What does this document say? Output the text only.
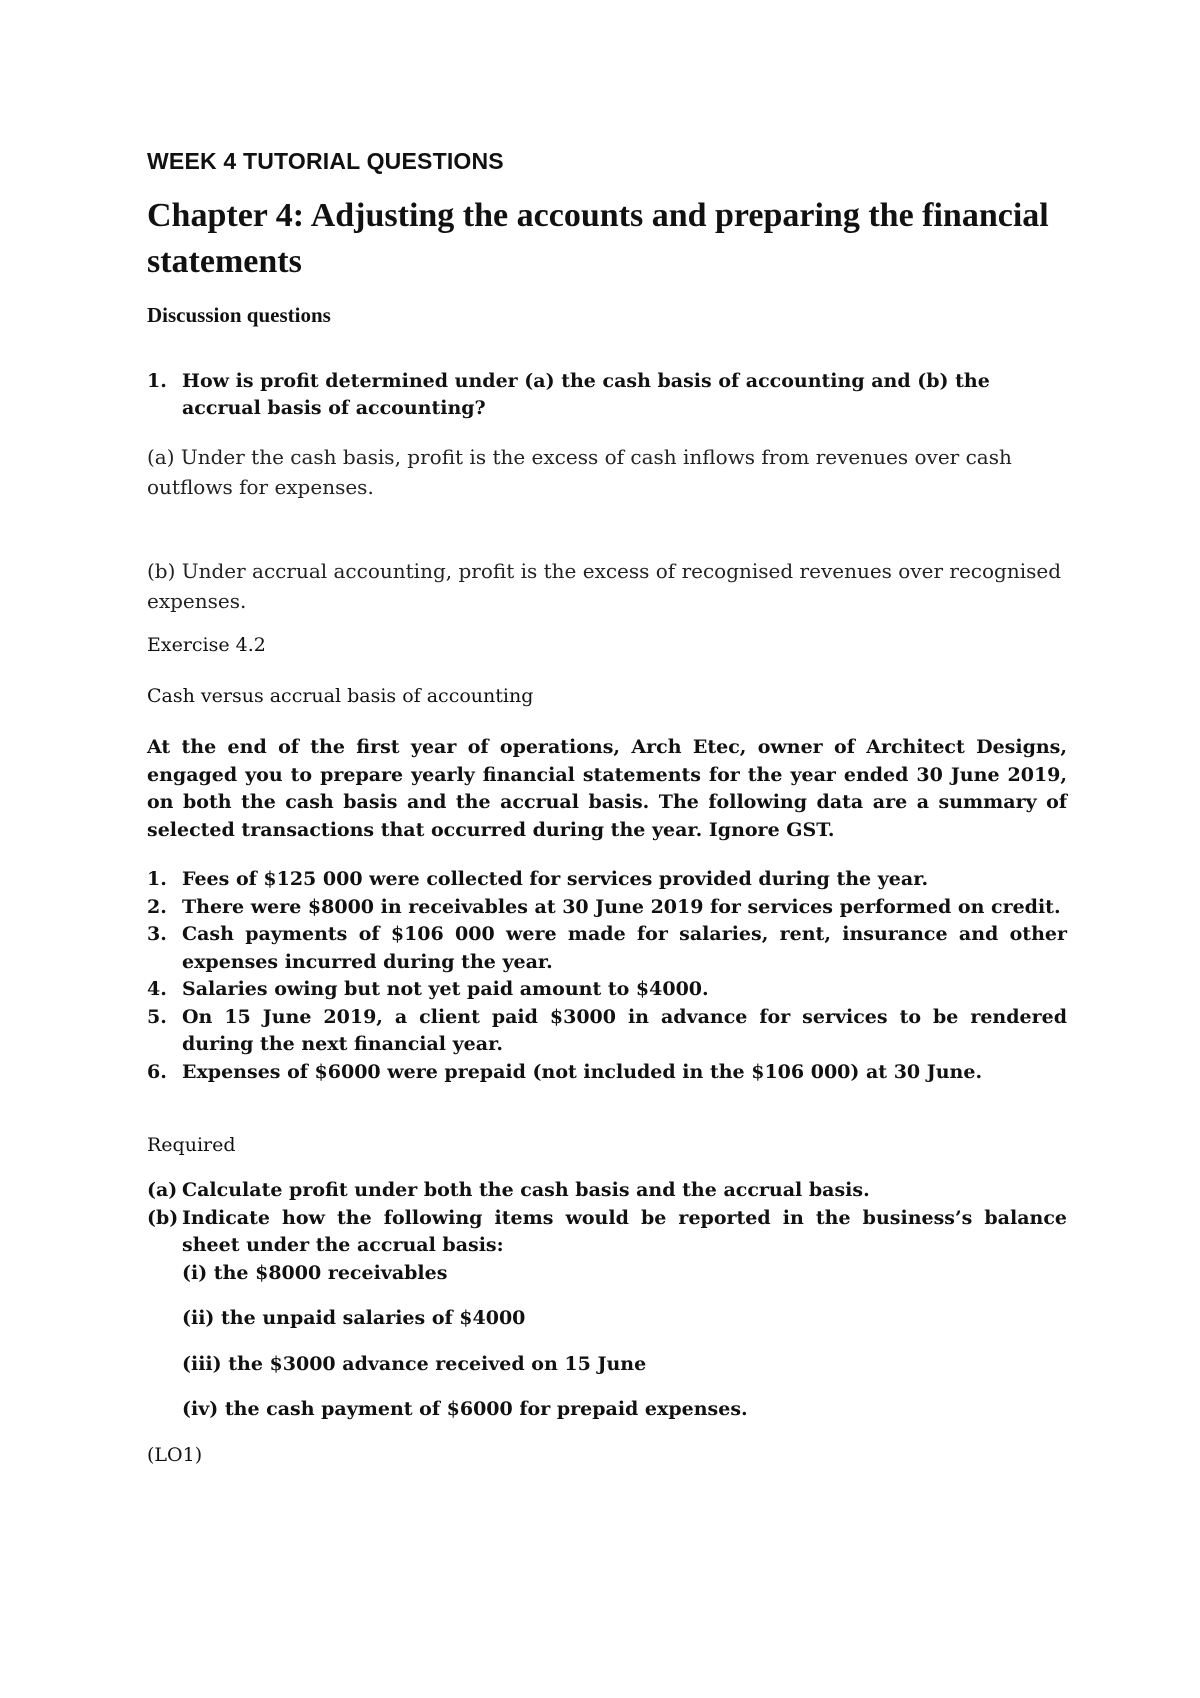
WEEK 4 TUTORIAL QUESTIONS
Chapter 4: Adjusting the accounts and preparing the financial statements
Discussion questions
1. How is profit determined under (a) the cash basis of accounting and (b) the accrual basis of accounting?

(a) Under the cash basis, profit is the excess of cash inflows from revenues over cash outflows for expenses.

(b) Under accrual accounting, profit is the excess of recognised revenues over recognised expenses.

Exercise 4.2

Cash versus accrual basis of accounting

At the end of the first year of operations, Arch Etec, owner of Architect Designs, engaged you to prepare yearly financial statements for the year ended 30 June 2019, on both the cash basis and the accrual basis. The following data are a summary of selected transactions that occurred during the year. Ignore GST.

1. Fees of $125 000 were collected for services provided during the year.
2. There were $8000 in receivables at 30 June 2019 for services performed on credit.
3. Cash payments of $106 000 were made for salaries, rent, insurance and other expenses incurred during the year.
4. Salaries owing but not yet paid amount to $4000.
5. On 15 June 2019, a client paid $3000 in advance for services to be rendered during the next financial year.
6. Expenses of $6000 were prepaid (not included in the $106 000) at 30 June.

Required

(a) Calculate profit under both the cash basis and the accrual basis.
(b) Indicate how the following items would be reported in the business’s balance sheet under the accrual basis:
(i) the $8000 receivables
(ii) the unpaid salaries of $4000
(iii) the $3000 advance received on 15 June
(iv) the cash payment of $6000 for prepaid expenses.

(LO1)
